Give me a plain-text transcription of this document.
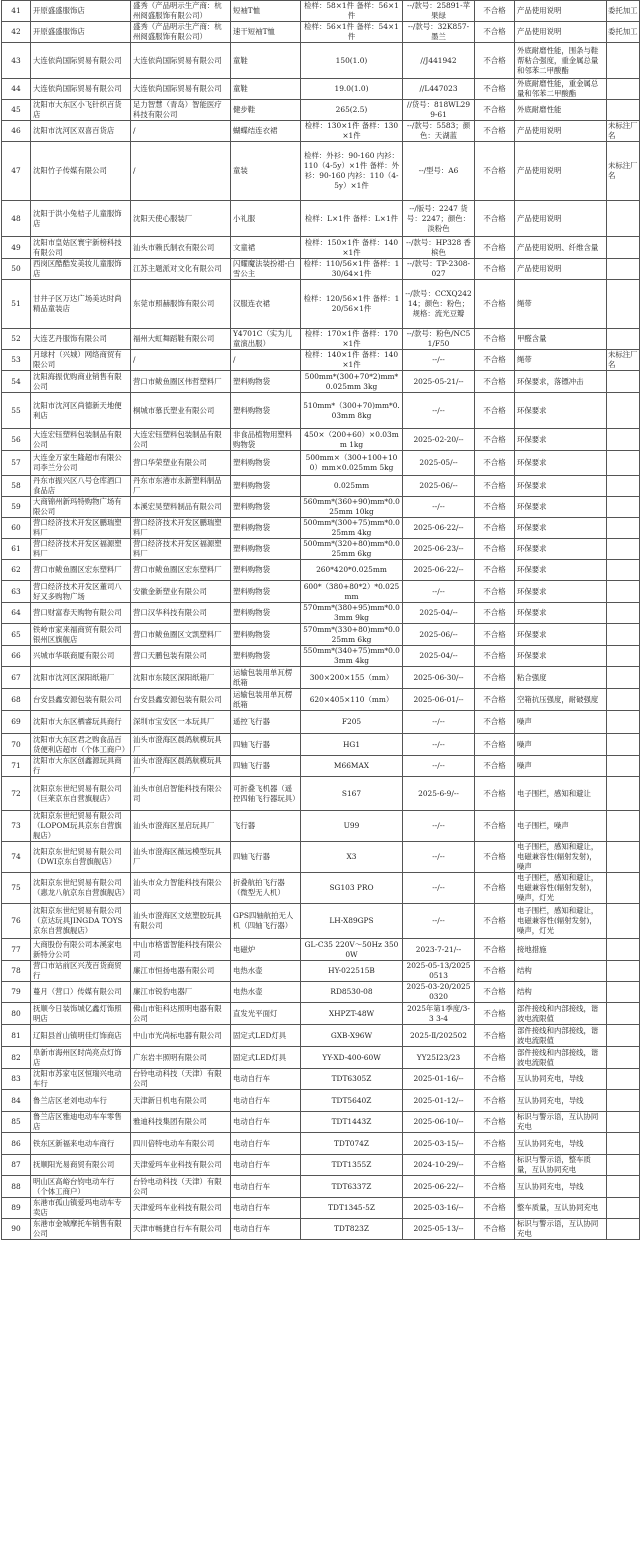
41	开原盛盛服饰店	盛秀（产品明示生产商：杭州阅盛服饰有限公司）	短袖T恤	检样：58×1件 备样：56×1件	--/款号：25891-苹果绿	不合格	产品使用说明	委托加工
42	开原盛盛服饰店	盛秀（产品明示生产商：杭州阅盛服饰有限公司）	速干短袖T恤	检样：56×1件 备样：54×1件	--/款号：32K857-墨兰	不合格	产品使用说明	委托加工
43	大连依尚国际贸易有限公司	大连依尚国际贸易有限公司	童鞋	150(1.0)	//J441942	不合格	外底耐磨性能，围条与鞋帮粘合强度，重金属总量和邻苯二甲酸酯	
44	大连依尚国际贸易有限公司	大连依尚国际贸易有限公司	童鞋	19.0(1.0)	//L447023	不合格	外底耐磨性能，重金属总量和邻苯二甲酸酯	
45	沈阳市大东区小飞针织百货店	足力智慧（青岛）智能医疗科技有限公司	健步鞋	265(2.5)	//货号：818WL299-61	不合格	外底耐磨性能	
46	沈阳市沈河区双喜百货店	/	蝴蝶结连衣裙	检样：130×1件 备样：130×1件	--/款号：5583；颜色：天湖蓝	不合格	产品使用说明	未标注厂名
47	沈阳竹子传媒有限公司	/	童装	检样：外衫：90-160 内衫：110（4-5y）×1件 备样：外衫：90-160 内衫：110（4-5y）×1件	--/型号：A6	不合格	产品使用说明	未标注厂名
48	沈阳于洪小兔桔子儿童服饰店	沈阳天使心服装厂	小礼服	检样：L×1件 备样：L×1件	--/版号：2247 货号：2247；颜色：淡粉色	不合格	产品使用说明	
49	沈阳市皇姑区寰宇新榜科技有限公司	汕头市赖氏制衣有限公司	文童裙	检样：150×1件 备样：140×1件	--/款号：HP328 香槟色	不合格	产品使用说明、纤维含量	
50	西岗区酷酷发美妆儿童服饰店	江苏主题派对文化有限公司	闪耀魔法装扮裙-白雪公主	检样：110/56×1件 备样：130/64×1件	--/款号：TP-2308-027	不合格	产品使用说明	
51	甘井子区万达广场美达时尚精品童装店	东莞市照赫服饰有限公司	汉服连衣裙	检样：120/56×1件 备样：120/56×1件	--/款号：CCXQ24214；颜色：粉色；规格：流光豆瓣	不合格	绳带	
52	大连艺丹服饰有限公司	福州大虹舞蹈鞋有限公司	Y4701C（实为儿童演出服）	检样：170×1件 备样：170×1件	--/款号：粉色/NC51/F50	不合格	甲醛含量	
53	月球村（兴城）网络商贸有限公司	/	/	检样：140×1件 备样：140×1件	--/--	不合格	绳带	未标注厂名
54	沈阳海振优购商业销售有限公司	营口市鲅鱼圈区伟哲塑料厂	塑料购物袋	500mm*(300+70*2)mm*0.025mm 3kg	2025-05-21/--	不合格	环保要求，落镖冲击	
55	沈阳市沈河区尚德新天地便利店	桐城市慕氏塑业有限公司	塑料购物袋	510mm*（300+70)mm*0.03mm 8kg	--/--	不合格	环保要求	
56	大连宏钰塑料包装制品有限公司	大连宏钰塑料包装制品有限公司	非食品植物用塑料购物袋	450×（200+60）×0.03mm 1kg	2025-02-20/--	不合格	环保要求	
57	大连金万家生隆超市有限公司李兰分公司	营口华荣塑业有限公司	塑料购物袋	500mm×（300+100+100）mm×0.025mm 5kg	2025-05/--	不合格	环保要求	
58	丹东市振兴区八号仓库酒口食品店	丹东市东港市永新塑料制品厂	塑料购物袋	0.025mm	2025-06/--	不合格	环保要求	
59	大商锦州新玛特购物广场有限公司	本溪宏昊塑料制品有限公司	塑料购物袋	560mm*(360+90)mm*0.025mm 10kg	--/--	不合格	环保要求	
60	营口经济技术开发区鹏瑞塑料厂	营口经济技术开发区鹏瑞塑料厂	塑料购物袋	500mm*(300+75)mm*0.025mm 4kg	2025-06-22/--	不合格	环保要求	
61	营口经济技术开发区福源塑料厂	营口经济技术开发区福源塑料厂	塑料购物袋	500mm*(320+80)mm*0.025mm 6kg	2025-06-23/--	不合格	环保要求	
62	营口市鲅鱼圈区宏东塑料厂	营口市鲅鱼圈区宏东塑料厂	塑料购物袋	260*420*0.025mm	2025-06-22/--	不合格	环保要求	
63	营口经济技术开发区董司八好又多购物广场	安徽金新塑业有限公司	塑料购物袋	600*（380+80*2）*0.025mm	--/--	不合格	环保要求	
64	营口财富春天购物有限公司	营口汉华科技有限公司	塑料购物袋	570mm*(380+95)mm*0.03mm 9kg	2025-04/--	不合格	环保要求	
65	铁岭市家来福商贸有限公司银州区旗舰店	营口市鲅鱼圈区文凯塑料厂	塑料购物袋	570mm*(330+80)mm*0.025mm 6kg	2025-06/--	不合格	环保要求	
66	兴城市华联商厦有限公司	营口天鹏包装有限公司	塑料购物袋	550mm*(340+75)mm*0.03mm 4kg	2025-04/--	不合格	环保要求	
67	沈阳市沈河区深阳纸箱厂	沈阳市东陵区深阳纸箱厂	运输包装用单瓦楞纸箱	300×200×155（mm）	2025-06-30/--	不合格	粘合强度	
68	台安县鑫安源包装有限公司	台安县鑫安源包装有限公司	运输包装用单瓦楞纸箱	620×405×110（mm）	2025-06-01/--	不合格	空箱抗压强度，耐破强度	
69	沈阳市大东区栖睿玩具商行	深圳市宝安区一本玩具厂	遥控飞行器	F205	--/--	不合格	噪声	
70	沈阳市大东区君之购食品百货便利店超市（个体工商户）	汕头市澄海区晨鸽航模玩具厂	四轴飞行器	HG1	--/--	不合格	噪声	
71	沈阳市大东区创鑫源玩具商行	汕头市澄海区晨鸽航模玩具厂	四轴飞行器	M66MAX	--/--	不合格	噪声	
72	沈阳京东世纪贸易有限公司（巨莱京东自营旗舰店）	汕头市创启智能科技有限公司	可折叠飞机器（遥控四轴飞行器玩具）	S167	2025-6-9/--	不合格	电子围栏，感知和避让	
73	沈阳京东世纪贸易有限公司（LOPOM玩具京东自营旗舰店）	汕头市澄海区星启玩具厂	飞行器	U99	--/--	不合格	电子围栏，噪声	
74	沈阳京东世纪贸易有限公司（DWI京东自营旗舰店）	汕头市澄海区薇远模型玩具厂	四轴飞行器	X3	--/--	不合格	电子围栏，感知和避让，电磁兼容性(辐射发射)，噪声	
75	沈阳京东世纪贸易有限公司（惠龙八航京东自营旗舰店）	汕头市众力智能科技有限公司	折叠航拍飞行器（微型无人机）	SG103 PRO	--/--	不合格	电子围栏，感知和避让，电磁兼容性(辐射发射)，噪声，灯光	
76	沈阳京东世纪贸易有限公司（京达玩具JINGDA TOYS京东自营旗舰店）	汕头市澄海区文炫塑胶玩具有限公司	GPS四轴航拍无人机（四轴飞行器）	LH-X89GPS	--/--	不合格	电子围栏，感知和避让，电磁兼容性(辐射发射)，噪声，灯光	
77	大商股份有限公司本溪家电新特分公司	中山市格雷智能科技有限公司	电磁炉	GL-C35 220V～50Hz 3500W	2023-7-21/--	不合格	接地措施	
78	营口市站前区兴茂百货商贸行	廉江市恒扬电器有限公司	电热水壶	HY-022515B	2025-05-13/20250513	不合格	结构	
79	蔓月（营口）传媒有限公司	廉江市锐豹电器厂	电热水壶	RD8530-08	2025-03-20/20250320	不合格	结构	
80	抚顺今日装饰城亿鑫灯饰照明店	佛山市钜科达照明电器有限公司	直发光平面灯	XHPZT-48W	2025年第1季度/3-3 3-4	不合格	部件接线和内部接线，谐波电流限值	
81	辽阳县首山镇明佳灯饰商店	中山市光尚标电器有限公司	固定式LED灯具	GXB-X96W	2025-Ⅱ/202502	不合格	部件接线和内部接线，谐波电流限值	
82	阜新市海州区时尚亮点灯饰店	广东岩丰照明有限公司	固定式LED灯具	YY-XD-400-60W	YY25I23/23	不合格	部件接线和内部接线，谐波电流限值	
83	沈阳市苏家屯区恒瑞兴电动车行	台铃电动科技（天津）有限公司	电动自行车	TDT6305Z	2025-01-16/--	不合格	互认协同充电，导线	
84	鲁兰店区老刘电动车行	天津新日机电有限公司	电动自行车	TDT5640Z	2025-01-12/--	不合格	互认协同充电，导线	
85	鲁兰店区雅迪电动车车零售店	雅迪科技集团有限公司	电动自行车	TDT1443Z	2025-06-10/--	不合格	标识与警示语，互认协同充电	
86	铁东区新福来电动车商行	四川倍特电动车有限公司	电动自行车	TDT074Z	2025-03-15/--	不合格	互认协同充电，导线	
87	抚顺阳光易商贸有限公司	天津爱玛车业科技有限公司	电动自行车	TDT1355Z	2024-10-29/--	不合格	标识与警示语，整车质量，互认协同充电	
88	明山区高峪台钧电动车行（个体工商户）	台铃电动科技（天津）有限公司	电动自行车	TDT6337Z	2025-06-22/--	不合格	互认协同充电，导线	
89	东港市孤山镇爱玛电动车专卖店	天津爱玛车业科技有限公司	电动自行车	TDT1345-5Z	2025-03-16/--	不合格	整车质量，互认协同充电	
90	东港市金城摩托车销售有限公司	天津市畅捷自行车有限公司	电动自行车	TDT823Z	2025-05-13/--	不合格	标识与警示语，互认协同充电	
